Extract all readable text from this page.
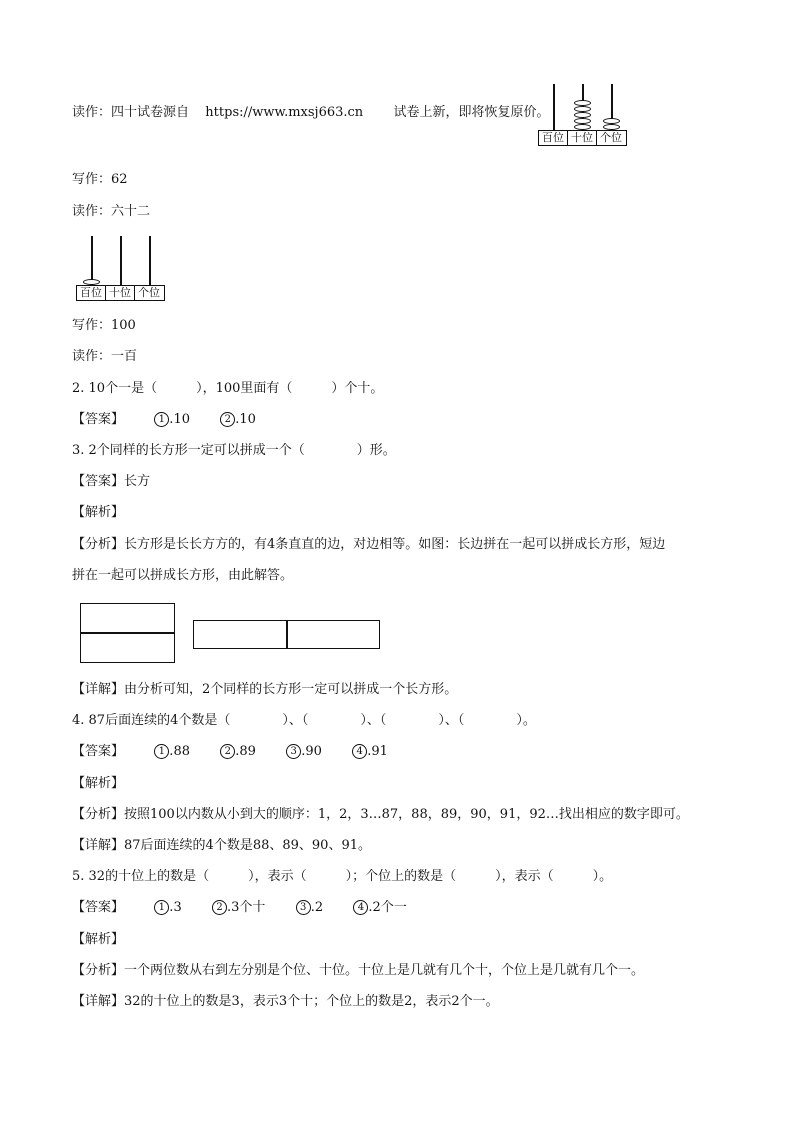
读作：四十试卷源自 https://www.mxsj663.cn 试卷上新，即将恢复原价。
百位 十位 个位
写作：62
读作：六十二
百位 十位 个位
写作：100
读作：一百
2. 10个一是（　　　），100里面有（　　　）个十。
【答案】	1 .10	2 .10
3. 2个同样的长方形一定可以拼成一个（　　　　）形。
【答案】长方
【解析】
【分析】长方形是长长方方的，有4条直直的边，对边相等。如图：长边拼在一起可以拼成长方形，短边
拼在一起可以拼成长方形，由此解答。
【详解】由分析可知，2个同样的长方形一定可以拼成一个长方形。
4. 87后面连续的4个数是（　　　　）、（　　　　）、（　　　　）、（　　　　）。
【答案】	1 .88	2 .89	3 .90	4 .91
【解析】
【分析】按照100以内数从小到大的顺序：1，2，3…87，88，89，90，91，92…找出相应的数字即可。
【详解】87后面连续的4个数是88、89、90、91。
5. 32的十位上的数是（　　　），表示（　　　）；个位上的数是（　　　），表示（　　　）。
【答案】	1 .3	2 .3个十	3 .2	4 .2个一
【解析】
【分析】一个两位数从右到左分别是个位、十位。十位上是几就有几个十，个位上是几就有几个一。
【详解】32的十位上的数是3，表示3个十；个位上的数是2，表示2个一。
